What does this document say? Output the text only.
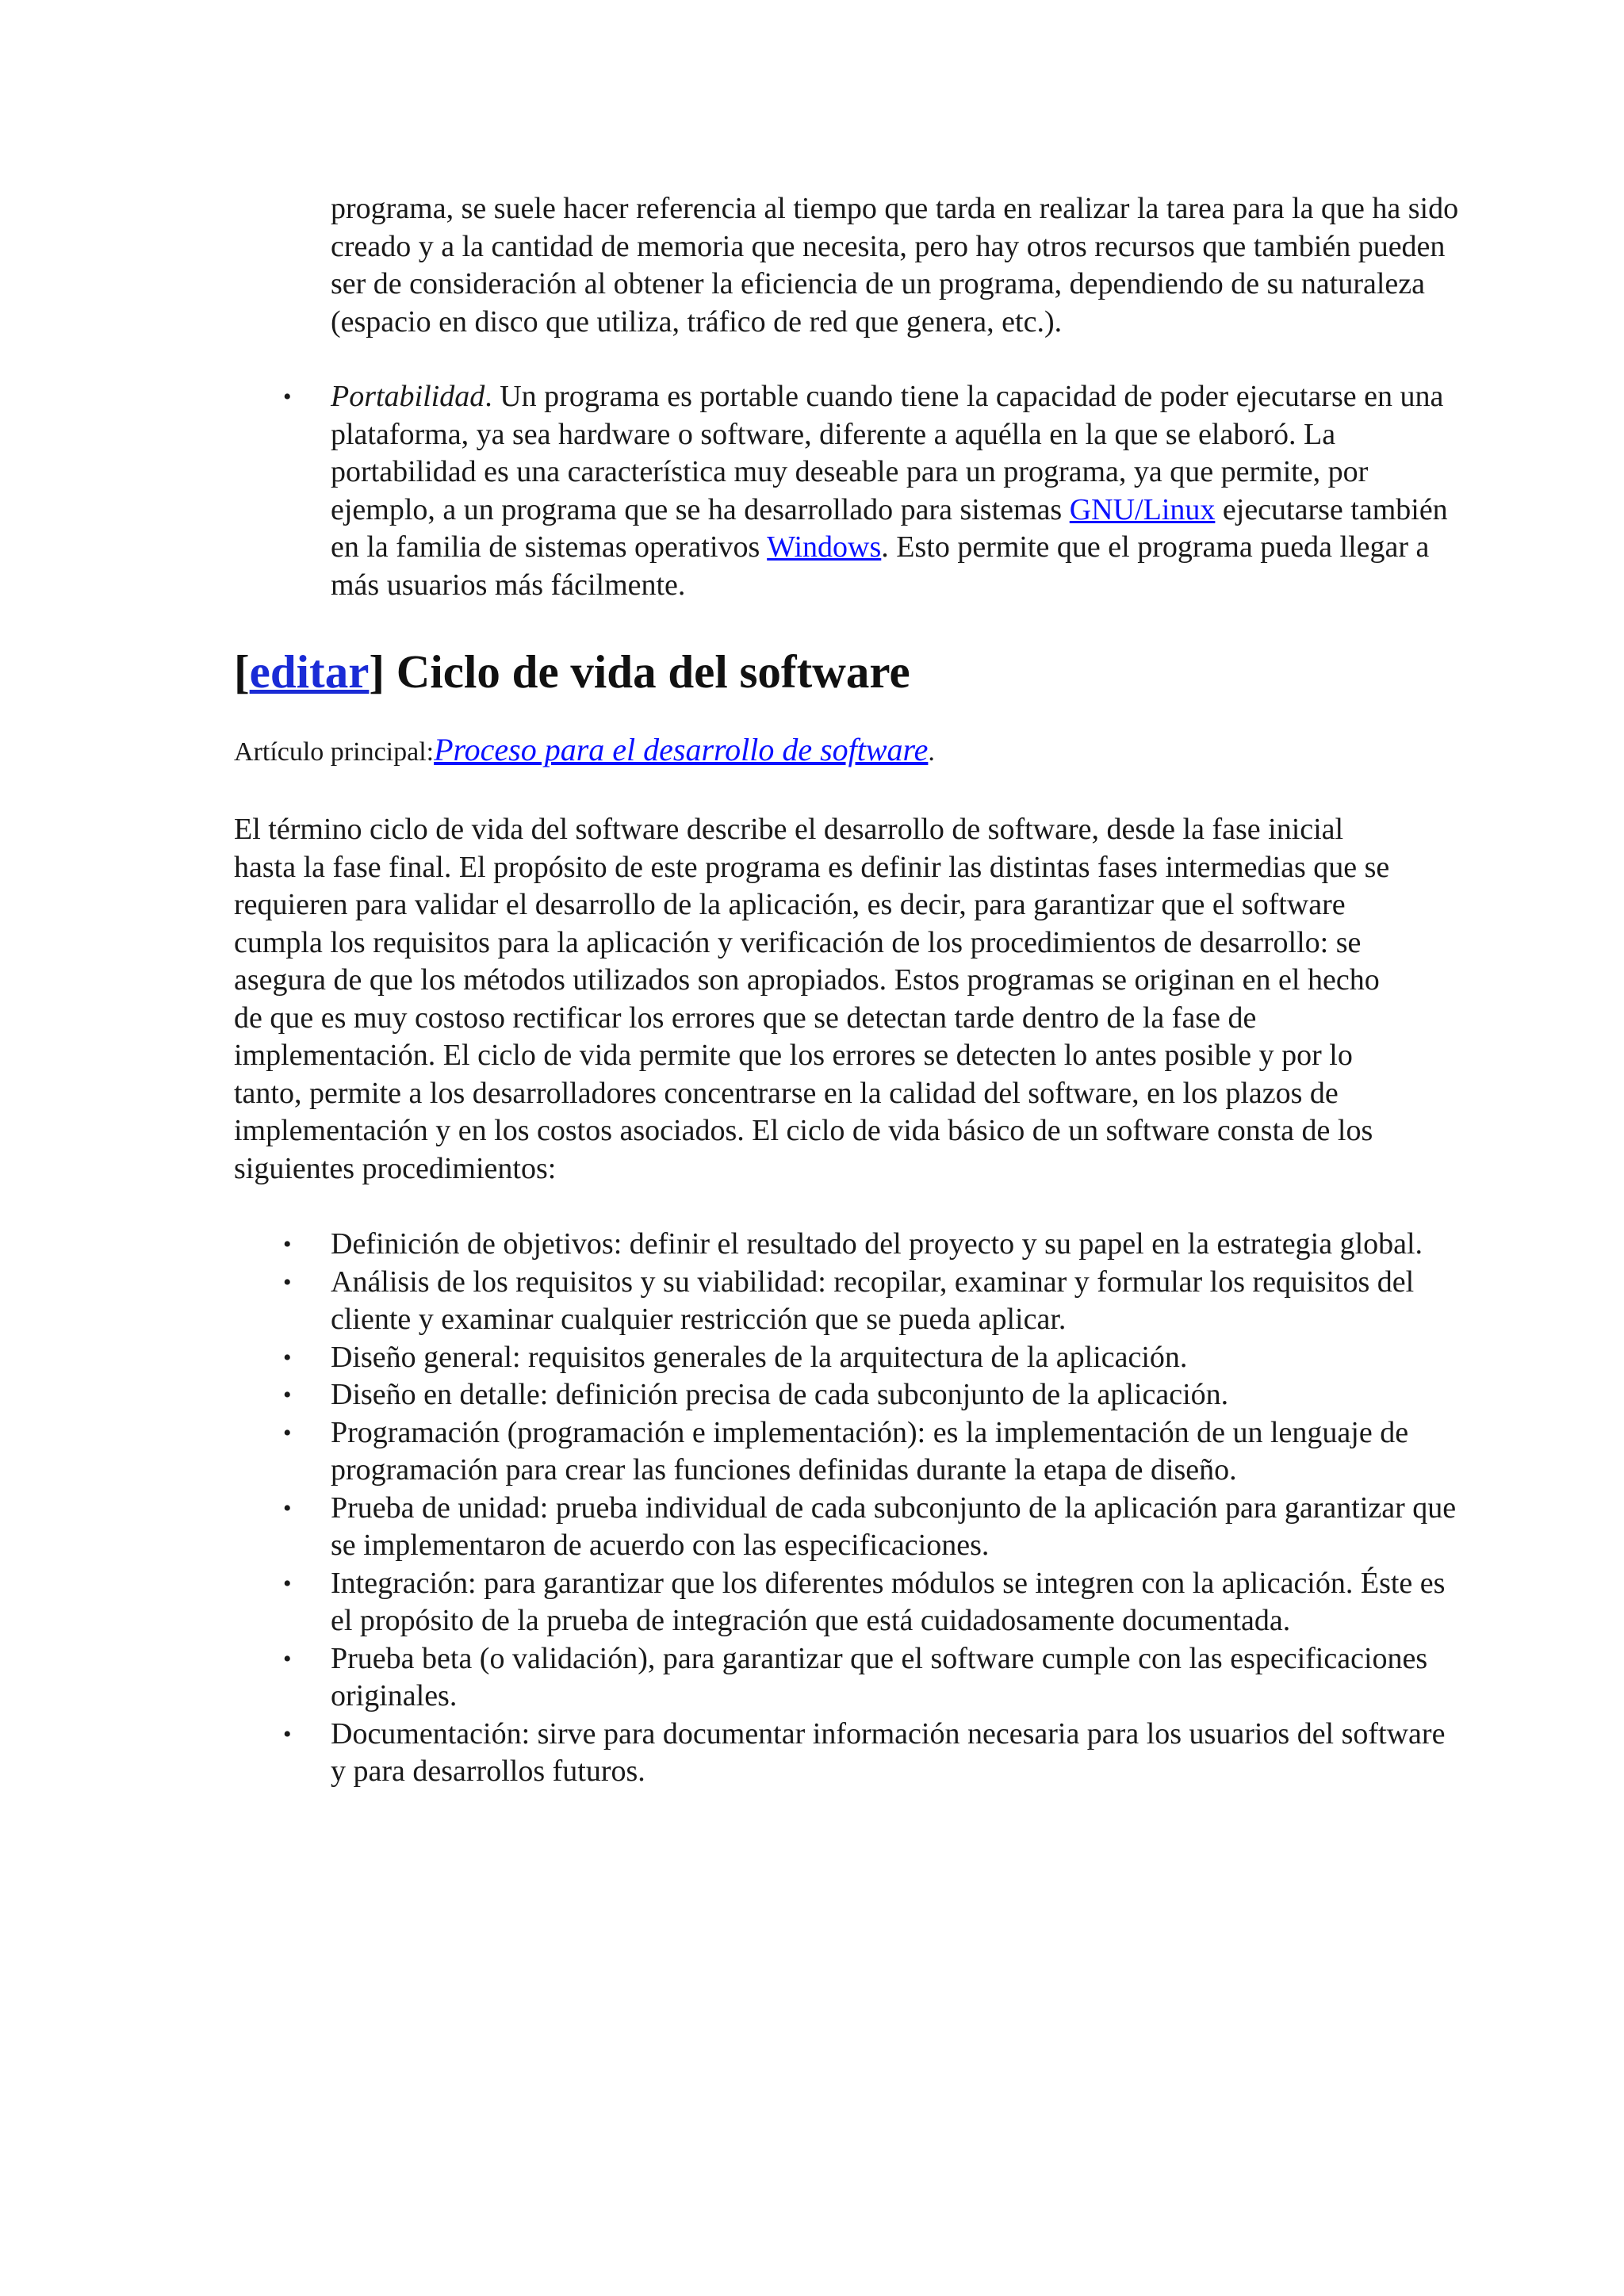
programa, se suele hacer referencia al tiempo que tarda en realizar la tarea para la que ha sido creado y a la cantidad de memoria que necesita, pero hay otros recursos que también pueden ser de consideración al obtener la eficiencia de un programa, dependiendo de su naturaleza (espacio en disco que utiliza, tráfico de red que genera, etc.).

• Portabilidad. Un programa es portable cuando tiene la capacidad de poder ejecutarse en una plataforma, ya sea hardware o software, diferente a aquélla en la que se elaboró. La portabilidad es una característica muy deseable para un programa, ya que permite, por ejemplo, a un programa que se ha desarrollado para sistemas GNU/Linux ejecutarse también en la familia de sistemas operativos Windows. Esto permite que el programa pueda llegar a más usuarios más fácilmente.
[editar] Ciclo de vida del software

Artículo principal:Proceso para el desarrollo de software.

El término ciclo de vida del software describe el desarrollo de software, desde la fase inicial hasta la fase final. El propósito de este programa es definir las distintas fases intermedias que se requieren para validar el desarrollo de la aplicación, es decir, para garantizar que el software cumpla los requisitos para la aplicación y verificación de los procedimientos de desarrollo: se asegura de que los métodos utilizados son apropiados. Estos programas se originan en el hecho de que es muy costoso rectificar los errores que se detectan tarde dentro de la fase de implementación. El ciclo de vida permite que los errores se detecten lo antes posible y por lo tanto, permite a los desarrolladores concentrarse en la calidad del software, en los plazos de implementación y en los costos asociados. El ciclo de vida básico de un software consta de los siguientes procedimientos:

• Definición de objetivos: definir el resultado del proyecto y su papel en la estrategia global.
• Análisis de los requisitos y su viabilidad: recopilar, examinar y formular los requisitos del cliente y examinar cualquier restricción que se pueda aplicar.
• Diseño general: requisitos generales de la arquitectura de la aplicación.
• Diseño en detalle: definición precisa de cada subconjunto de la aplicación.
• Programación (programación e implementación): es la implementación de un lenguaje de programación para crear las funciones definidas durante la etapa de diseño.
• Prueba de unidad: prueba individual de cada subconjunto de la aplicación para garantizar que se implementaron de acuerdo con las especificaciones.
• Integración: para garantizar que los diferentes módulos se integren con la aplicación. Éste es el propósito de la prueba de integración que está cuidadosamente documentada.
• Prueba beta (o validación), para garantizar que el software cumple con las especificaciones originales.
• Documentación: sirve para documentar información necesaria para los usuarios del software y para desarrollos futuros.
